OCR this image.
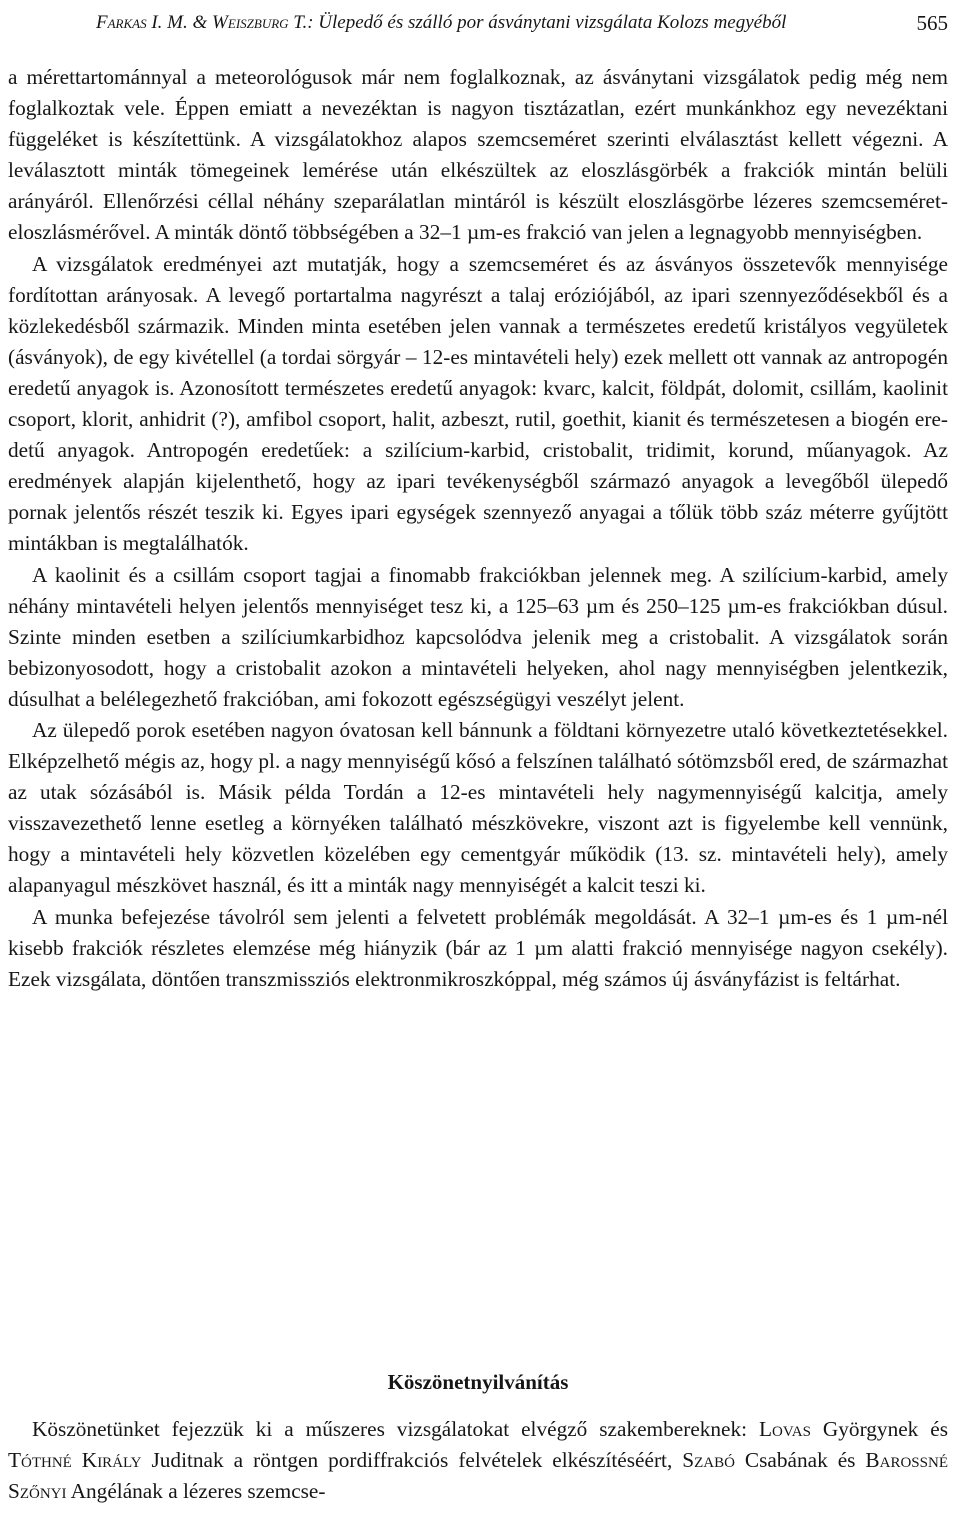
Farkas I. M. & Weiszburg T.: Ülepedő és szálló por ásványtani vizsgálata Kolozs megyéből	565

a mérettartománnyal a meteorológusok már nem foglalkoznak, az ásványtani vizsgálatok pedig még nem foglalkoztak vele. Éppen emiatt a nevezéktan is nagyon tisztázatlan, ezért munkánkhoz egy nevezéktani függeléket is készítettünk. A vizsgálatokhoz alapos szemcseméret szerinti elválasztást kellett végezni. A leválasztott minták tömegeinek lemérése után elkészültek az eloszlásgörbék a frakciók mintán belüli arányáról. Ellenőrzési céllal néhány szeparálatlan mintáról is készült eloszlásgörbe lézeres szemcseméret-eloszlásmérővel. A minták döntő többségében a 32–1 µm-es frakció van jelen a legnagyobb mennyiségben.

A vizsgálatok eredményei azt mutatják, hogy a szemcseméret és az ásványos összetevők mennyisége fordítottan arányosak. A levegő portartalma nagyrészt a talaj eróziójából, az ipari szennyeződésekből és a közlekedésből származik. Minden minta esetében jelen vannak a természetes eredetű kristályos vegyületek (ásványok), de egy kivétellel (a tordai sörgyár – 12-es mintavételi hely) ezek mellett ott vannak az antropogén eredetű anyagok is. Azonosított természetes eredetű anyagok: kvarc, kalcit, földpát, dolomit, csillám, kaolinit csoport, klorit, anhidrit (?), amfibol csoport, halit, azbeszt, rutil, goethit, kianit és természetesen a biogén eredetű anyagok. Antropogén eredetűek: a szilícium-karbid, cristobalit, tridimit, korund, műanyagok. Az eredmények alapján kijelenthető, hogy az ipari tevékenységből származó anyagok a levegőből ülepedő pornak jelentős részét teszik ki. Egyes ipari egységek szennyező anyagai a tőlük több száz méterre gyűjtött mintákban is megtalálhatók.

A kaolinit és a csillám csoport tagjai a finomabb frakciókban jelennek meg. A szilícium-karbid, amely néhány mintavételi helyen jelentős mennyiséget tesz ki, a 125–63 µm és 250–125 µm-es frakciókban dúsul. Szinte minden esetben a szilíciumkarbidhoz kapcsolódva jelenik meg a cristobalit. A vizsgálatok során bebizonyosodott, hogy a cristobalit azokon a mintavételi helyeken, ahol nagy mennyiségben jelentkezik, dúsulhat a belélegezhető frakcióban, ami fokozott egészségügyi veszélyt jelent.

Az ülepedő porok esetében nagyon óvatosan kell bánnunk a földtani környezetre utaló következtetésekkel. Elképzelhető mégis az, hogy pl. a nagy mennyiségű kősó a felszínen található sótömzsből ered, de származhat az utak sózásából is. Másik példa Tordán a 12-es mintavételi hely nagymennyiségű kalcitja, amely visszavezethető lenne esetleg a környéken található mészkövekre, viszont azt is figyelembe kell vennünk, hogy a mintavételi hely közvetlen közelében egy cementgyár működik (13. sz. mintavételi hely), amely alapanyagul mészkövet használ, és itt a minták nagy mennyiségét a kalcit teszi ki.

A munka befejezése távolról sem jelenti a felvetett problémák megoldását. A 32–1 µm-es és 1 µm-nél kisebb frakciók részletes elemzése még hiányzik (bár az 1 µm alatti frakció mennyisége nagyon csekély). Ezek vizsgálata, döntően transzmissziós elektronmikroszkóppal, még számos új ásványfázist is feltárhat.

Köszönetnyilvánítás

Köszönetünket fejezzük ki a műszeres vizsgálatokat elvégző szakembereknek: Lovas Györgynek és Tóthné Király Juditnak a röntgen pordiffrakciós felvételek elkészítéséért, Szabó Csabának és Barossné Szőnyi Angélának a lézeres szemcse-
